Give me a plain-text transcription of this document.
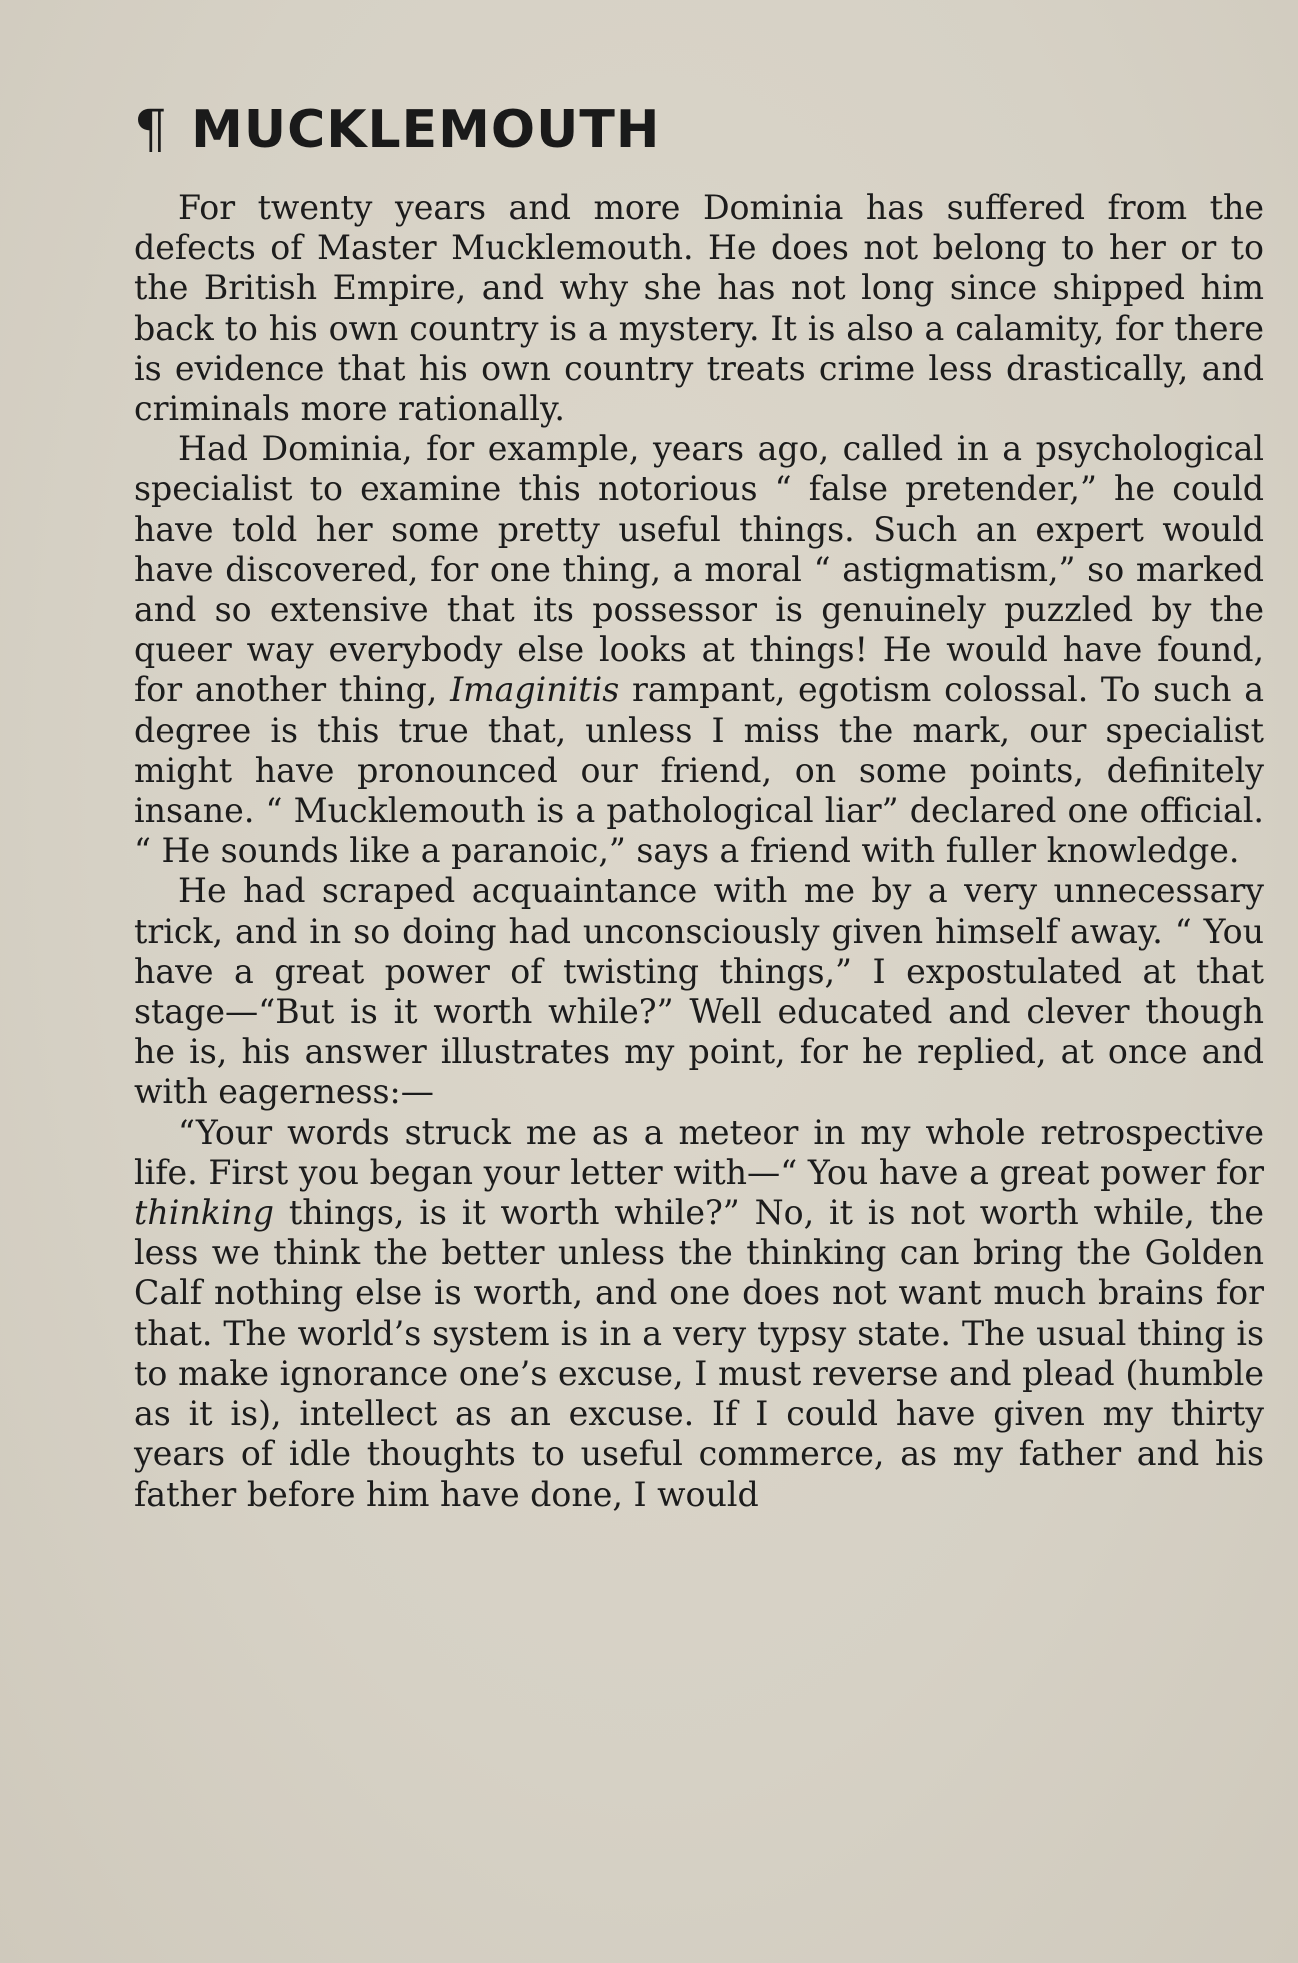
¶ MUCKLEMOUTH

For twenty years and more Dominia has suffered from the defects of Master Mucklemouth. He does not belong to her or to the British Empire, and why she has not long since shipped him back to his own country is a mystery. It is also a calamity, for there is evidence that his own country treats crime less drastically, and criminals more rationally.

Had Dominia, for example, years ago, called in a psychological specialist to examine this notorious “ false pretender,” he could have told her some pretty useful things. Such an expert would have discovered, for one thing, a moral “ astigmatism,” so marked and so extensive that its possessor is genuinely puzzled by the queer way everybody else looks at things! He would have found, for another thing, Imaginitis rampant, egotism colossal. To such a degree is this true that, unless I miss the mark, our specialist might have pronounced our friend, on some points, definitely insane. “ Mucklemouth is a pathological liar” declared one official. “ He sounds like a paranoic,” says a friend with fuller knowledge.

He had scraped acquaintance with me by a very unnecessary trick, and in so doing had unconsciously given himself away. “ You have a great power of twisting things,” I expostulated at that stage—“But is it worth while?” Well educated and clever though he is, his answer illustrates my point, for he replied, at once and with eagerness:—

“Your words struck me as a meteor in my whole retrospective life. First you began your letter with—“ You have a great power for thinking things, is it worth while?” No, it is not worth while, the less we think the better unless the thinking can bring the Golden Calf nothing else is worth, and one does not want much brains for that. The world’s system is in a very typsy state. The usual thing is to make ignorance one’s excuse, I must reverse and plead (humble as it is), intellect as an excuse. If I could have given my thirty years of idle thoughts to useful commerce, as my father and his father before him have done, I would
